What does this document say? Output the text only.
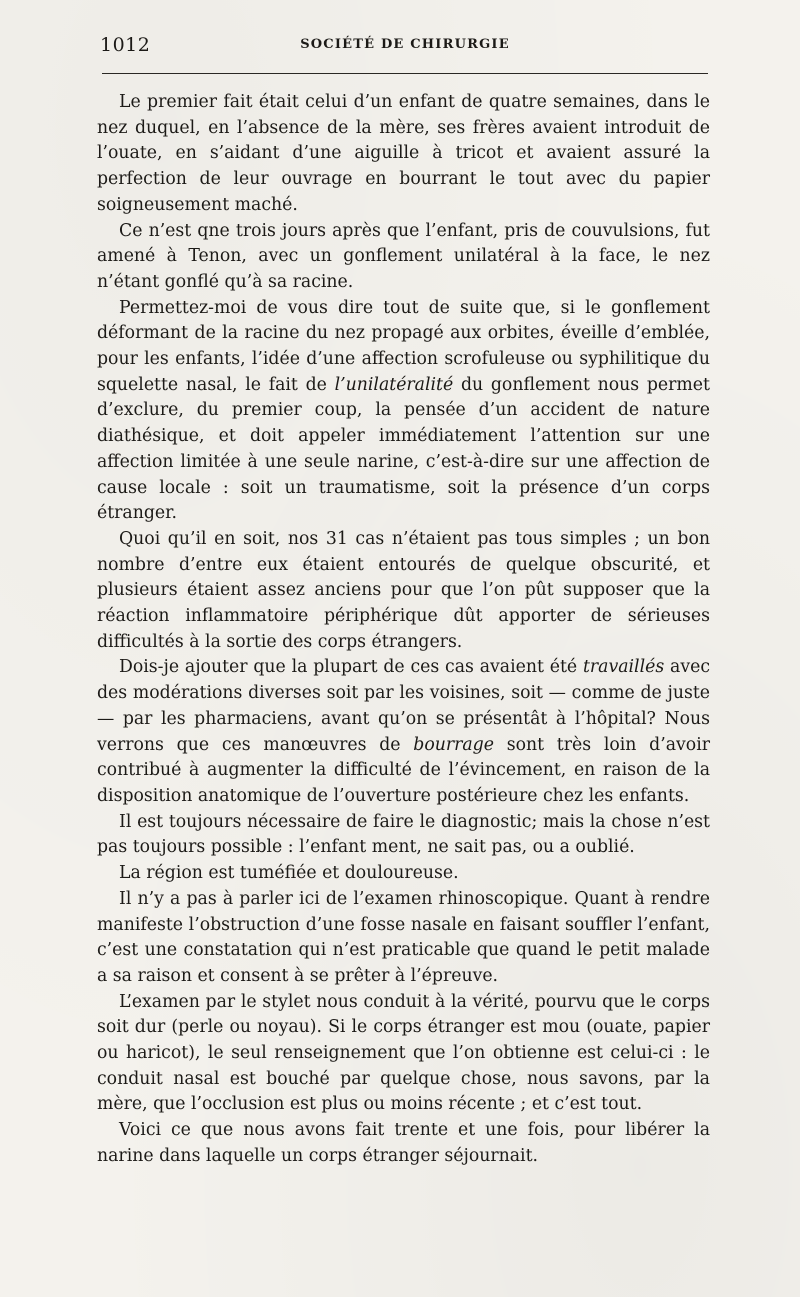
1012	SOCIÉTÉ DE CHIRURGIE

Le premier fait était celui d’un enfant de quatre semaines, dans le nez duquel, en l’absence de la mère, ses frères avaient introduit de l’ouate, en s’aidant d’une aiguille à tricot et avaient assuré la perfection de leur ouvrage en bourrant le tout avec du papier soigneusement maché.

Ce n’est qne trois jours après que l’enfant, pris de couvulsions, fut amené à Tenon, avec un gonflement unilatéral à la face, le nez n’étant gonflé qu’à sa racine.

Permettez-moi de vous dire tout de suite que, si le gonflement déformant de la racine du nez propagé aux orbites, éveille d’emblée, pour les enfants, l’idée d’une affection scrofuleuse ou syphilitique du squelette nasal, le fait de l’unilatéralité du gonflement nous permet d’exclure, du premier coup, la pensée d’un accident de nature diathésique, et doit appeler immédiatement l’attention sur une affection limitée à une seule narine, c’est-à-dire sur une affection de cause locale : soit un traumatisme, soit la présence d’un corps étranger.

Quoi qu’il en soit, nos 31 cas n’étaient pas tous simples ; un bon nombre d’entre eux étaient entourés de quelque obscurité, et plusieurs étaient assez anciens pour que l’on pût supposer que la réaction inflammatoire périphérique dût apporter de sérieuses difficultés à la sortie des corps étrangers.

Dois-je ajouter que la plupart de ces cas avaient été travaillés avec des modérations diverses soit par les voisines, soit — comme de juste — par les pharmaciens, avant qu’on se présentât à l’hôpital? Nous verrons que ces manœuvres de bourrage sont très loin d’avoir contribué à augmenter la difficulté de l’évincement, en raison de la disposition anatomique de l’ouverture postérieure chez les enfants.

Il est toujours nécessaire de faire le diagnostic; mais la chose n’est pas toujours possible : l’enfant ment, ne sait pas, ou a oublié.

La région est tuméfiée et douloureuse.

Il n’y a pas à parler ici de l’examen rhinoscopique. Quant à rendre manifeste l’obstruction d’une fosse nasale en faisant souffler l’enfant, c’est une constatation qui n’est praticable que quand le petit malade a sa raison et consent à se prêter à l’épreuve.

L’examen par le stylet nous conduit à la vérité, pourvu que le corps soit dur (perle ou noyau). Si le corps étranger est mou (ouate, papier ou haricot), le seul renseignement que l’on obtienne est celui-ci : le conduit nasal est bouché par quelque chose, nous savons, par la mère, que l’occlusion est plus ou moins récente ; et c’est tout.

Voici ce que nous avons fait trente et une fois, pour libérer la narine dans laquelle un corps étranger séjournait.
